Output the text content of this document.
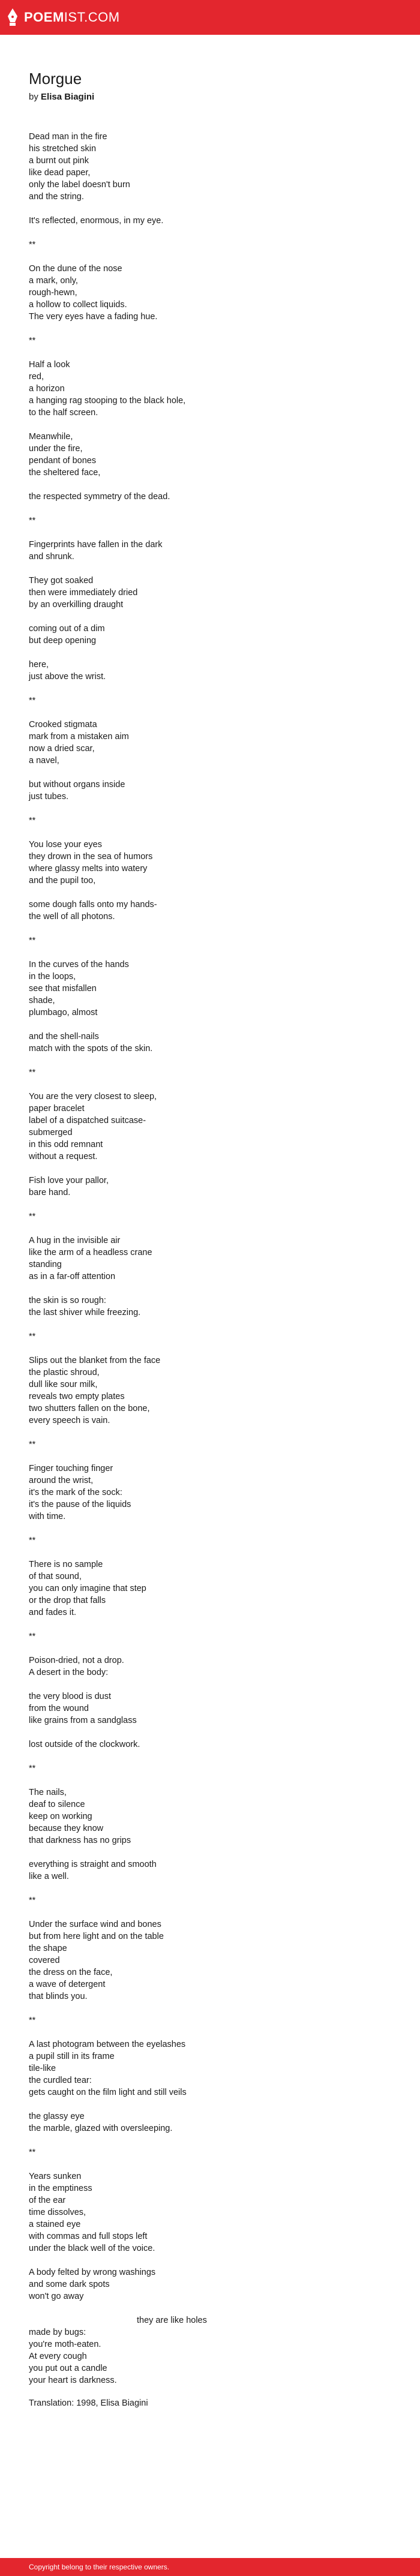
POEM IST.COM
Morgue

by Elisa Biagini

Dead man in the fire
his stretched skin
a burnt out pink
like dead paper,
only the label doesn't burn
and the string.
It's reflected, enormous, in my eye.
**
On the dune of the nose
a mark, only,
rough-hewn,
a hollow to collect liquids.
The very eyes have a fading hue.
**
Half a look
red,
a horizon
a hanging rag stooping to the black hole,
to the half screen.
Meanwhile,
under the fire,
pendant of bones
the sheltered face,
the respected symmetry of the dead.
**
Fingerprints have fallen in the dark
and shrunk.
They got soaked
then were immediately dried
by an overkilling draught
coming out of a dim
but deep opening
here,
just above the wrist.
**
Crooked stigmata
mark from a mistaken aim
now a dried scar,
a navel,
but without organs inside
just tubes.
**
You lose your eyes
they drown in the sea of humors
where glassy melts into watery
and the pupil too,
some dough falls onto my hands-
the well of all photons.
**
In the curves of the hands
in the loops,
see that misfallen
shade,
plumbago, almost
and the shell-nails
match with the spots of the skin.
**
You are the very closest to sleep,
paper bracelet
label of a dispatched suitcase-
submerged
in this odd remnant
without a request.
Fish love your pallor,
bare hand.
**
A hug in the invisible air
like the arm of a headless crane
standing
as in a far-off attention
the skin is so rough:
the last shiver while freezing.
**
Slips out the blanket from the face
the plastic shroud,
dull like sour milk,
reveals two empty plates
two shutters fallen on the bone,
every speech is vain.
**
Finger touching finger
around the wrist,
it's the mark of the sock:
it's the pause of the liquids
with time.
**
There is no sample
of that sound,
you can only imagine that step
or the drop that falls
and fades it.
**
Poison-dried, not a drop.
A desert in the body:
the very blood is dust
from the wound
like grains from a sandglass
lost outside of the clockwork.
**
The nails,
deaf to silence
keep on working
because they know
that darkness has no grips
everything is straight and smooth
like a well.
**
Under the surface wind and bones
but from here light and on the table
the shape
covered
the dress on the face,
a wave of detergent
that blinds you.
**
A last photogram between the eyelashes
a pupil still in its frame
tile-like
the curdled tear:
gets caught on the film light and still veils
the glassy eye
the marble, glazed with oversleeping.
**
Years sunken
in the emptiness
of the ear
time dissolves,
a stained eye
with commas and full stops left
under the black well of the voice.
A body felted by wrong washings
and some dark spots
won't go away
they are like holes
made by bugs:
you're moth-eaten.
At every cough
you put out a candle
your heart is darkness.

Translation: 1998, Elisa Biagini

Copyright belong to their respective owners.
